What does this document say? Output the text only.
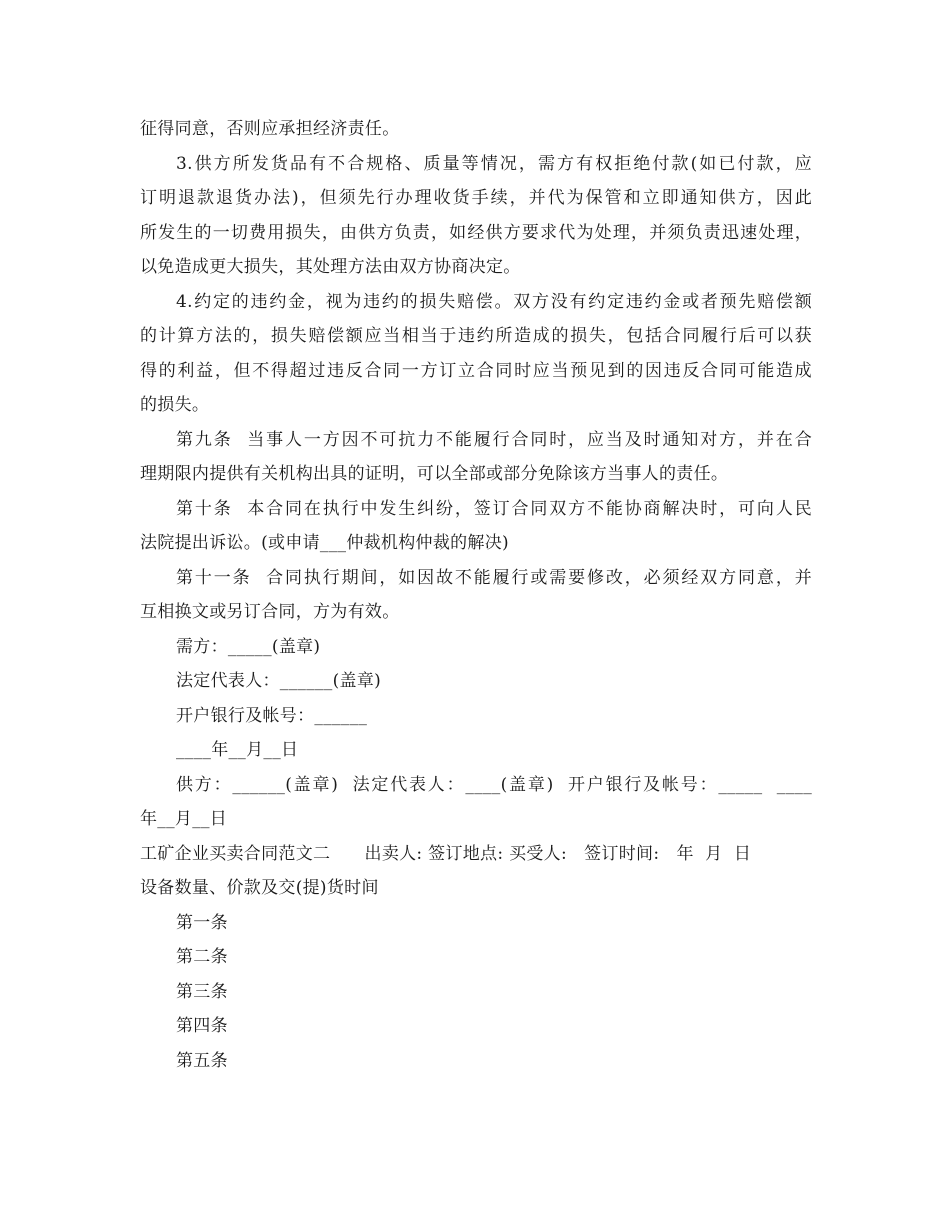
征得同意，否则应承担经济责任。
3.供方所发货品有不合规格、质量等情况，需方有权拒绝付款(如已付款，应
订明退款退货办法)，但须先行办理收货手续，并代为保管和立即通知供方，因此
所发生的一切费用损失，由供方负责，如经供方要求代为处理，并须负责迅速处理，
以免造成更大损失，其处理方法由双方协商决定。
4.约定的违约金，视为违约的损失赔偿。双方没有约定违约金或者预先赔偿额
的计算方法的，损失赔偿额应当相当于违约所造成的损失，包括合同履行后可以获
得的利益，但不得超过违反合同一方订立合同时应当预见到的因违反合同可能造成
的损失。
第九条  当事人一方因不可抗力不能履行合同时，应当及时通知对方，并在合
理期限内提供有关机构出具的证明，可以全部或部分免除该方当事人的责任。
第十条  本合同在执行中发生纠纷，签订合同双方不能协商解决时，可向人民
法院提出诉讼。(或申请___仲裁机构仲裁的解决)
第十一条  合同执行期间，如因故不能履行或需要修改，必须经双方同意，并
互相换文或另订合同，方为有效。
需方：_____(盖章)
法定代表人：______(盖章)
开户银行及帐号：______
____年__月__日
供方：______(盖章)  法定代表人：____(盖章)  开户银行及帐号：_____  ____
年__月__日
工矿企业买卖合同范文二      出卖人: 签订地点: 买受人:   签订时间:   年  月  日
设备数量、价款及交(提)货时间
第一条
第二条
第三条
第四条
第五条
